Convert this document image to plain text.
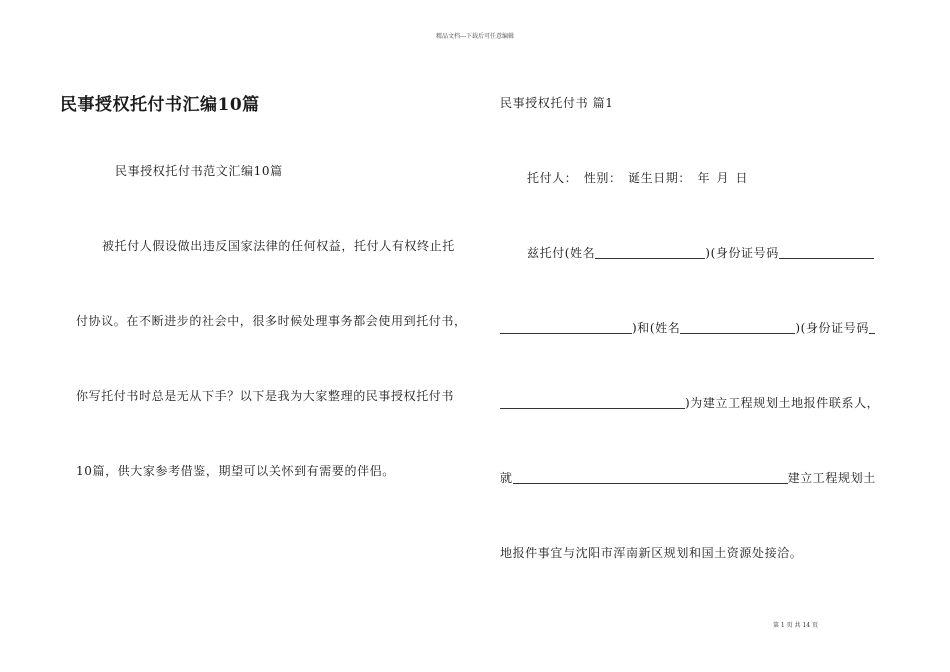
精品文档---下载后可任意编辑
民事授权托付书汇编10篇
民事授权托付书范文汇编10篇
被托付人假设做出违反国家法律的任何权益，托付人有权终止托
付协议。在不断进步的社会中，很多时候处理事务都会使用到托付书，
你写托付书时总是无从下手？以下是我为大家整理的民事授权托付书
10篇，供大家参考借鉴，期望可以关怀到有需要的伴侣。
民事授权托付书 篇1
托付人： 性别： 诞生日期： 年 月 日
兹托付(姓名	)(身份证号码
)和(姓名	)(身份证号码
)为建立工程规划土地报件联系人，
就	建立工程规划土
地报件事宜与沈阳市浑南新区规划和国土资源处接洽。
第 1 页 共 14 页
